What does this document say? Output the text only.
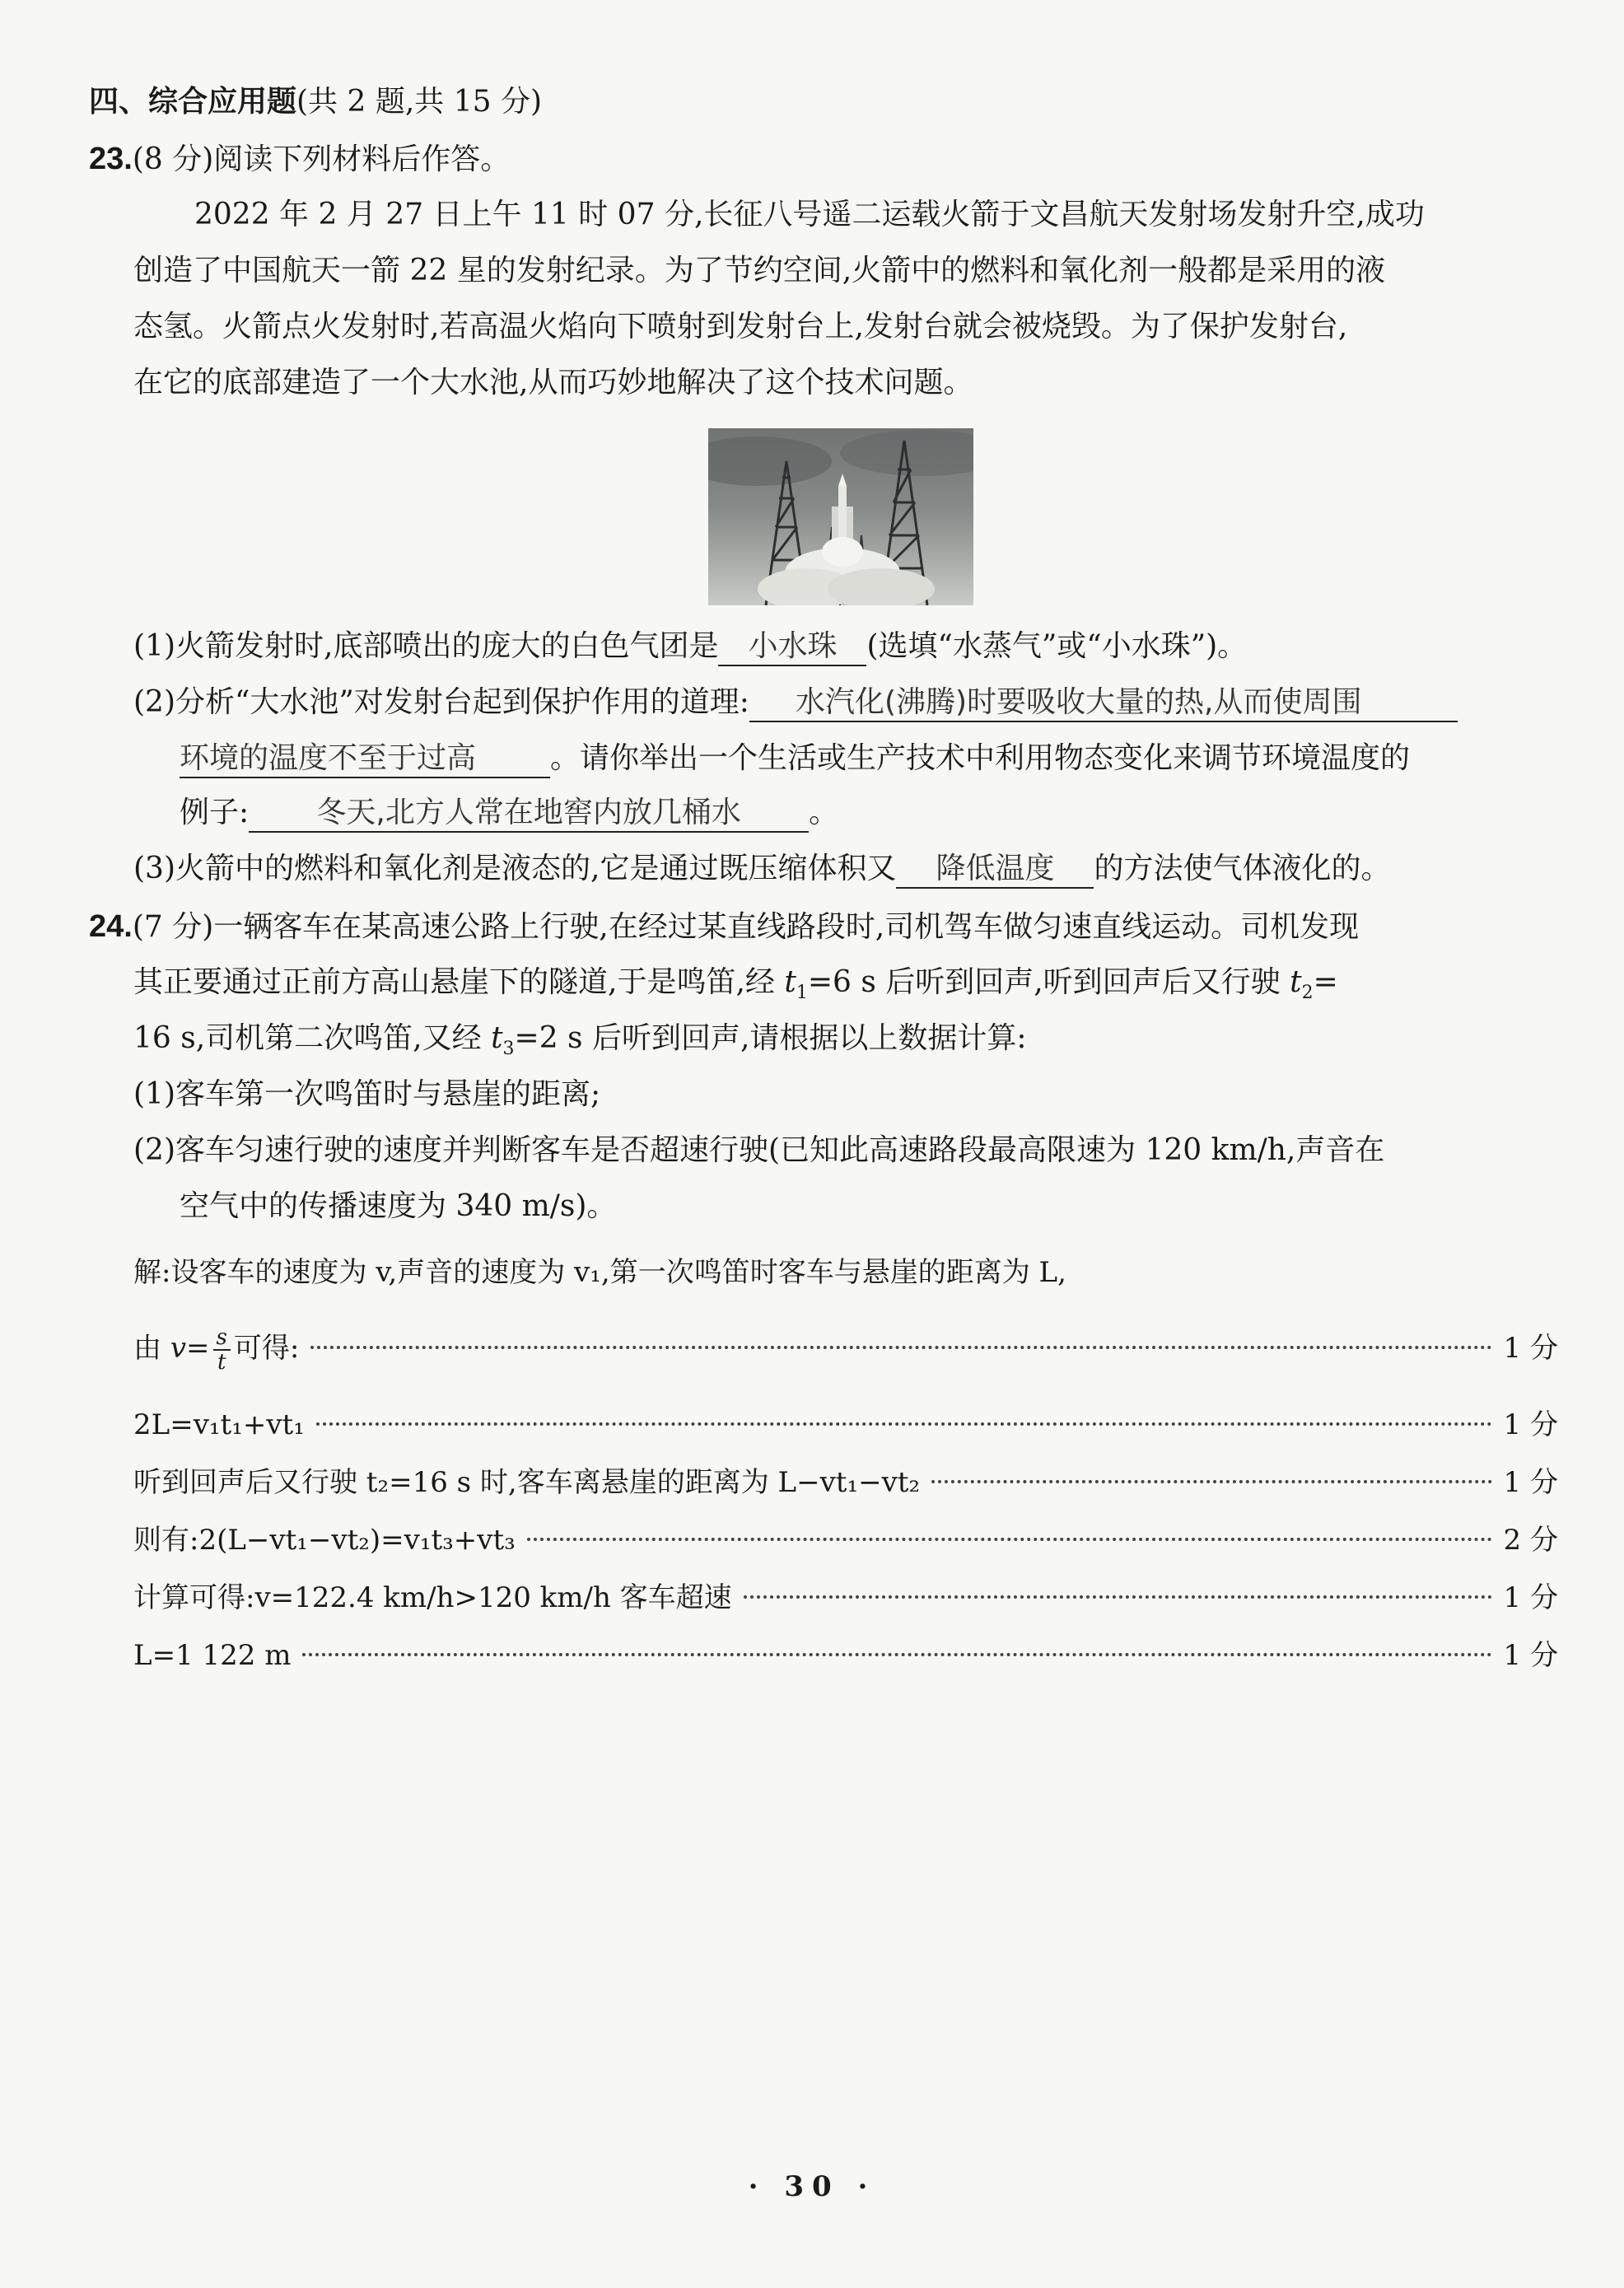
四、综合应用题(共 2 题,共 15 分)
23.(8 分)阅读下列材料后作答。
2022 年 2 月 27 日上午 11 时 07 分,长征八号遥二运载火箭于文昌航天发射场发射升空,成功
创造了中国航天一箭 22 星的发射纪录。为了节约空间,火箭中的燃料和氧化剂一般都是采用的液
态氢。火箭点火发射时,若高温火焰向下喷射到发射台上,发射台就会被烧毁。为了保护发射台,
在它的底部建造了一个大水池,从而巧妙地解决了这个技术问题。
(1)火箭发射时,底部喷出的庞大的白色气团是 小水珠 (选填“水蒸气”或“小水珠”)。
(2)分析“大水池”对发射台起到保护作用的道理: 水汽化(沸腾)时要吸收大量的热,从而使周围
环境的温度不至于过高 。请你举出一个生活或生产技术中利用物态变化来调节环境温度的
例子: 冬天,北方人常在地窖内放几桶水 。
(3)火箭中的燃料和氧化剂是液态的,它是通过既压缩体积又 降低温度 的方法使气体液化的。
24.(7 分)一辆客车在某高速公路上行驶,在经过某直线路段时,司机驾车做匀速直线运动。司机发现
其正要通过正前方高山悬崖下的隧道,于是鸣笛,经 $t_1=6$ s 后听到回声,听到回声后又行驶 $t_2=$
16 s,司机第二次鸣笛,又经 $t_3=2$ s 后听到回声,请根据以上数据计算:
(1)客车第一次鸣笛时与悬崖的距离;
(2)客车匀速行驶的速度并判断客车是否超速行驶(已知此高速路段最高限速为 120 km/h,声音在
空气中的传播速度为 340 m/s)。
解:设客车的速度为 v,声音的速度为 v₁,第一次鸣笛时客车与悬崖的距离为 L,
由 $v= \frac{s}{t}$ 可得:	1 分
2L=v₁t₁+vt₁	1 分
听到回声后又行驶 t₂=16 s 时,客车离悬崖的距离为 L−vt₁−vt₂	1 分
则有:2(L−vt₁−vt₂)=v₁t₃+vt₃	2 分
计算可得:v=122.4 km/h>120 km/h 客车超速	1 分
L=1 122 m	1 分
· 30 ·
